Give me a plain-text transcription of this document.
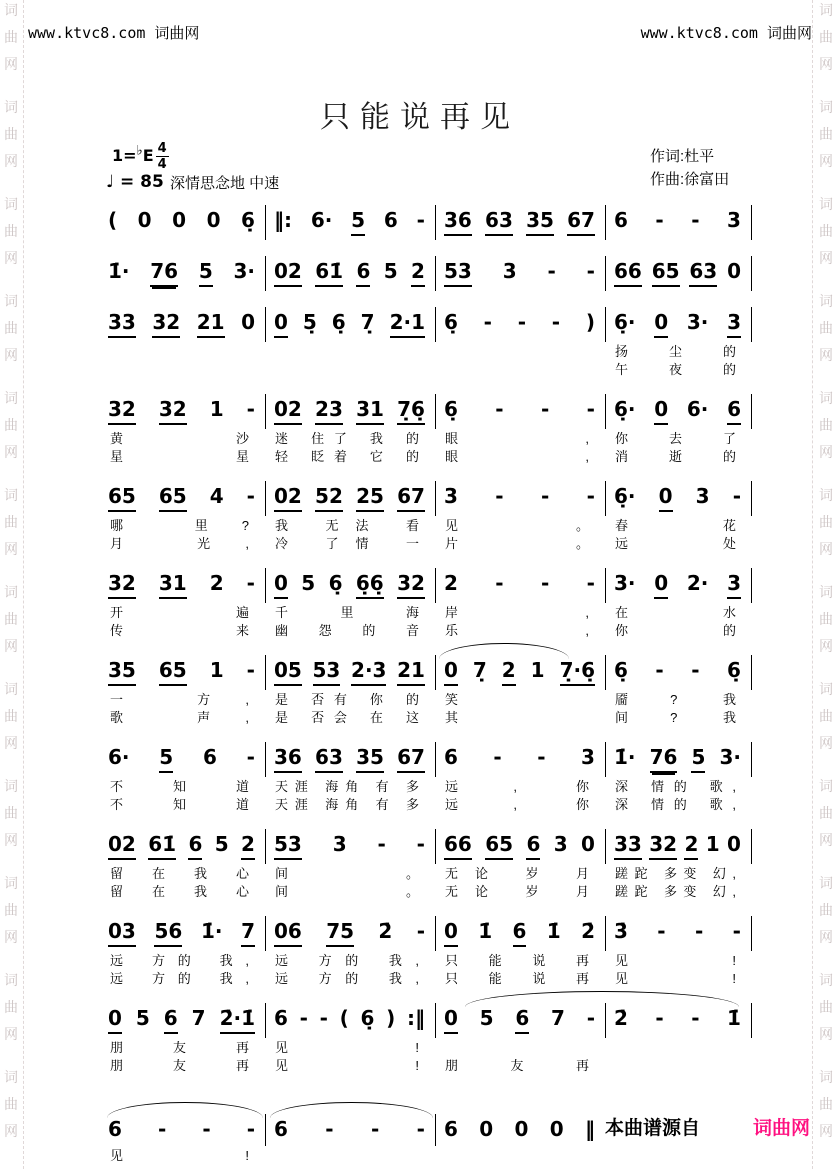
词
曲
网
词
曲
网
词
曲
网
词
曲
网
词
曲
网
词
曲
网
词
曲
网
词
曲
网
词
曲
网
词
曲
网
词
曲
网
词
曲
网
词
曲
网
词
曲
网
词
曲
网
词
曲
网
词
曲
网
词
曲
网
词
曲
网
词
曲
网
词
曲
网
词
曲
网
词
曲
网
词
曲
网
www.ktvc8.com 词曲网	www.ktvc8.com 词曲网
只能说再见
$1=^♭E \frac{4}{4}$
♩ = 85 深情思念地 中速
作词:杜平
作曲:徐富田
( 0 0 0 6̣ ‖: 6· 5 6 - 36 63 35 67 6 - - 3
1̇· 76 5 3· 02 61̇ 6 5 2 53 3 - - 66 65 63 0
33 32 21 0 0 5̣ 6̣ 7̣ 2·1 6̣ - - - ) 6̣· 0 3· 3
扬 尘 的
午 夜 的
32 32 1 - 02 23 31 7̣6̣ 6̣ - - - 6̣· 0 6· 6
黄 沙	迷 住了 我 的	眼,	你 去 了
星 星	轻 眨着 它 的	眼,	消 逝 的
65 65 4 - 02 52 25 67 3 - - - 6̣· 0 3 -
哪 里?	我 无法 看	见。	春 花
月 光,	冷 了情 一	片。	远 处
32 31 2 - 0 5 6̣ 6̣6̣ 32 2 - - - 3· 0 2· 3
开 遍	千 里 海	岸,	在 水
传 来	幽 怨 的 音	乐,	你 的
35 65 1 - 05 53 2·3 21 0 7̣ 2 1 7̣·6̣ 6̣ - - 6̣
一 方,	是 否有 你 的	笑	靥? 我
歌 声,	是 否会 在 这	其	间? 我
6· 5 6 - 36 63 35 67 6 - - 3 1̇· 76 5 3·
不 知 道	天涯 海角 有 多	远, 你	深 情的 歌,
不 知 道	天涯 海角 有 多	远, 你	深 情的 歌,
02 61̇ 6 5 2 53 3 - - 66 65 6 3 0 33 32 2 1 0
留 在 我 心	间。	无论 岁 月	蹉跎 多变 幻,
留 在 我 心	间。	无论 岁 月	蹉跎 多变 幻,
03 56 1̇· 7 06 75 2̇ - 0 1̇ 6 1̇ 2̇ 3̇ - - -
远 方的 我,	远 方的 我,	只 能 说 再	见!
远 方的 我,	远 方的 我,	只 能 说 再	见!
0 5 6 7 2̇·1̇ 6 - - ( 6̣ ) :‖ 0 5 6 7 - 2̇ - - 1̇
朋 友 再	见!
朋 友 再	见!	朋 友 再
6 - - - 6 - - - 6 0 0 0 ‖
见!
本曲谱源自	词曲网
